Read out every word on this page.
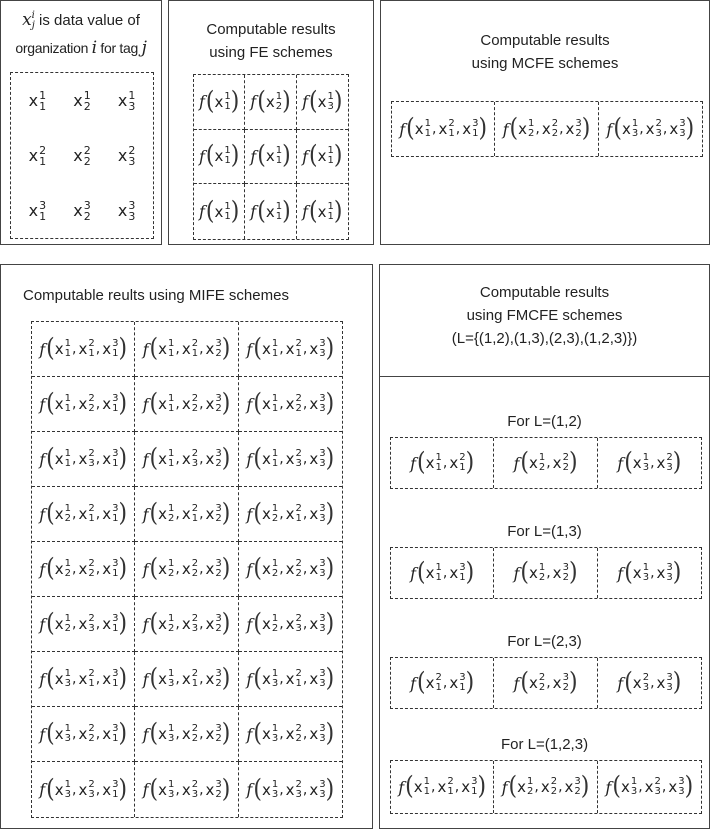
x i
j is data value of
organization i for tag j
x 1
1 x 1
2 x 1
3
x 2
1 x 2
2 x 2
3
x 3
1 x 3
2 x 3
3
Computable results
using FE schemes
f ( x 1
1 ) f ( x 1
2 ) f ( x 1
3 )
f ( x 1
1 ) f ( x 1
1 ) f ( x 1
1 )
f ( x 1
1 ) f ( x 1
1 ) f ( x 1
1 )
Computable results
using MCFE schemes
f ( x 1
1 , x 2
1 , x 3
1 ) f ( x 1
2 , x 2
2 , x 3
2 ) f ( x 1
3 , x 2
3 , x 3
3 )
Computable reults using MIFE schemes
f ( x 1
1 , x 2
1 , x 3
1 ) f ( x 1
1 , x 2
1 , x 3
2 ) f ( x 1
1 , x 2
1 , x 3
3 )
f ( x 1
1 , x 2
2 , x 3
1 ) f ( x 1
1 , x 2
2 , x 3
2 ) f ( x 1
1 , x 2
2 , x 3
3 )
f ( x 1
1 , x 2
3 , x 3
1 ) f ( x 1
1 , x 2
3 , x 3
2 ) f ( x 1
1 , x 2
3 , x 3
3 )
f ( x 1
2 , x 2
1 , x 3
1 ) f ( x 1
2 , x 2
1 , x 3
2 ) f ( x 1
2 , x 2
1 , x 3
3 )
f ( x 1
2 , x 2
2 , x 3
1 ) f ( x 1
2 , x 2
2 , x 3
2 ) f ( x 1
2 , x 2
2 , x 3
3 )
f ( x 1
2 , x 2
3 , x 3
1 ) f ( x 1
2 , x 2
3 , x 3
2 ) f ( x 1
2 , x 2
3 , x 3
3 )
f ( x 1
3 , x 2
1 , x 3
1 ) f ( x 1
3 , x 2
1 , x 3
2 ) f ( x 1
3 , x 2
1 , x 3
3 )
f ( x 1
3 , x 2
2 , x 3
1 ) f ( x 1
3 , x 2
2 , x 3
2 ) f ( x 1
3 , x 2
2 , x 3
3 )
f ( x 1
3 , x 2
3 , x 3
1 ) f ( x 1
3 , x 2
3 , x 3
2 ) f ( x 1
3 , x 2
3 , x 3
3 )
Computable results
using FMCFE schemes
(L={(1,2),(1,3),(2,3),(1,2,3)})
For L=(1,2)
f ( x 1
1 , x 2
1 ) f ( x 1
2 , x 2
2 ) f ( x 1
3 , x 2
3 )
For L=(1,3)
f ( x 1
1 , x 3
1 ) f ( x 1
2 , x 3
2 ) f ( x 1
3 , x 3
3 )
For L=(2,3)
f ( x 2
1 , x 3
1 ) f ( x 2
2 , x 3
2 ) f ( x 2
3 , x 3
3 )
For L=(1,2,3)
f ( x 1
1 , x 2
1 , x 3
1 ) f ( x 1
2 , x 2
2 , x 3
2 ) f ( x 1
3 , x 2
3 , x 3
3 )
